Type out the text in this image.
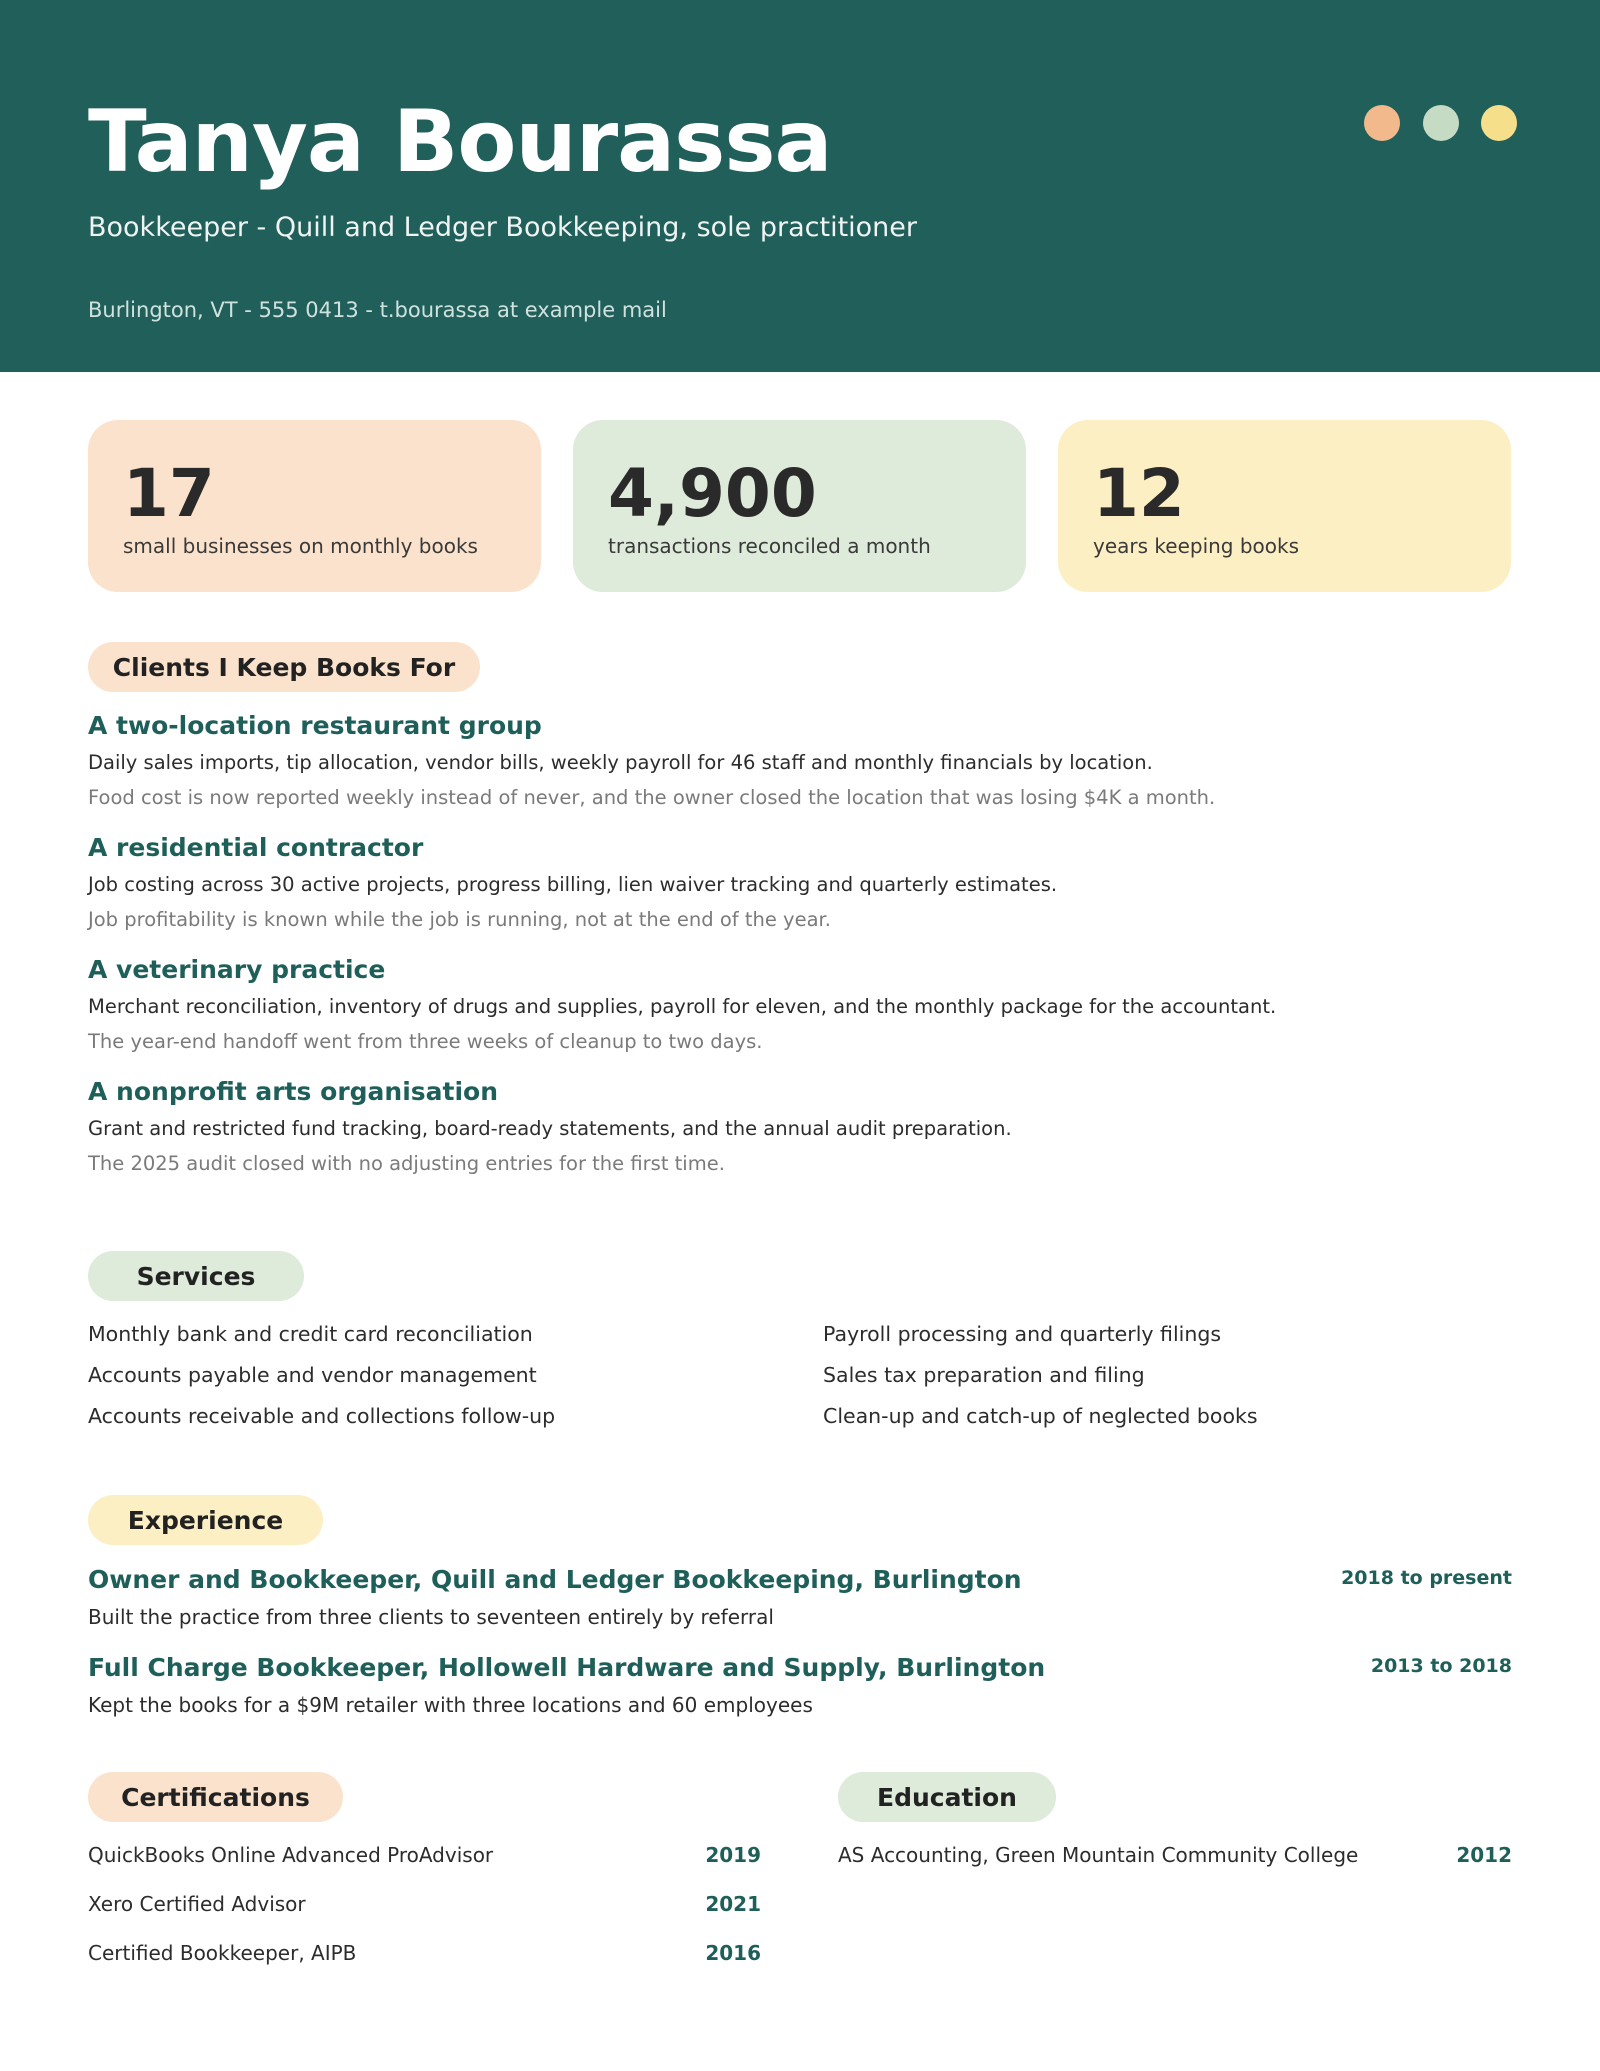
Tanya Bourassa
Bookkeeper - Quill and Ledger Bookkeeping, sole practitioner
Burlington, VT - 555 0413 - t.bourassa at example mail
17
small businesses on monthly books
4,900
transactions reconciled a month
12
years keeping books
Clients I Keep Books For
A two-location restaurant group
Daily sales imports, tip allocation, vendor bills, weekly payroll for 46 staff and monthly financials by location.
Food cost is now reported weekly instead of never, and the owner closed the location that was losing $4K a month.
A residential contractor
Job costing across 30 active projects, progress billing, lien waiver tracking and quarterly estimates.
Job profitability is known while the job is running, not at the end of the year.
A veterinary practice
Merchant reconciliation, inventory of drugs and supplies, payroll for eleven, and the monthly package for the accountant.
The year-end handoff went from three weeks of cleanup to two days.
A nonprofit arts organisation
Grant and restricted fund tracking, board-ready statements, and the annual audit preparation.
The 2025 audit closed with no adjusting entries for the first time.
Services
Monthly bank and credit card reconciliation
Accounts payable and vendor management
Accounts receivable and collections follow-up
Payroll processing and quarterly filings
Sales tax preparation and filing
Clean-up and catch-up of neglected books
Experience
Owner and Bookkeeper, Quill and Ledger Bookkeeping, Burlington	2018 to present
Built the practice from three clients to seventeen entirely by referral
Full Charge Bookkeeper, Hollowell Hardware and Supply, Burlington	2013 to 2018
Kept the books for a $9M retailer with three locations and 60 employees
Certifications
QuickBooks Online Advanced ProAdvisor	2019
Xero Certified Advisor	2021
Certified Bookkeeper, AIPB	2016
Education
AS Accounting, Green Mountain Community College	2012
